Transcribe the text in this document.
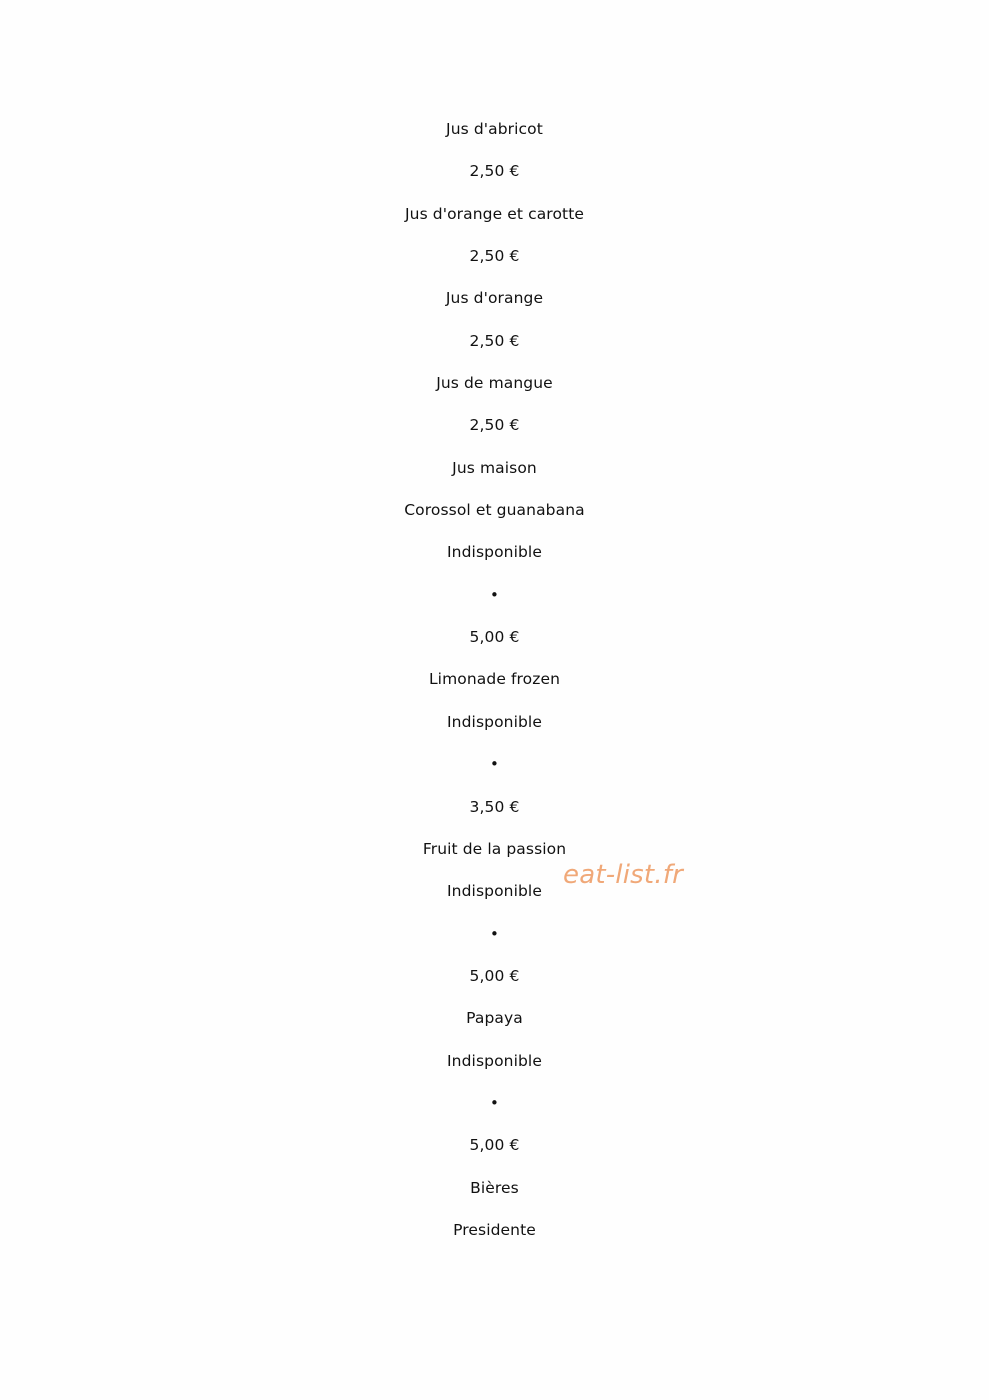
Jus d'abricot
2,50 €
Jus d'orange et carotte
2,50 €
Jus d'orange
2,50 €
Jus de mangue
2,50 €
Jus maison
Corossol et guanabana
Indisponible
•
5,00 €
Limonade frozen
Indisponible
•
3,50 €
Fruit de la passion
Indisponible
•
5,00 €
Papaya
Indisponible
•
5,00 €
Bières
Presidente
eat-list.fr
